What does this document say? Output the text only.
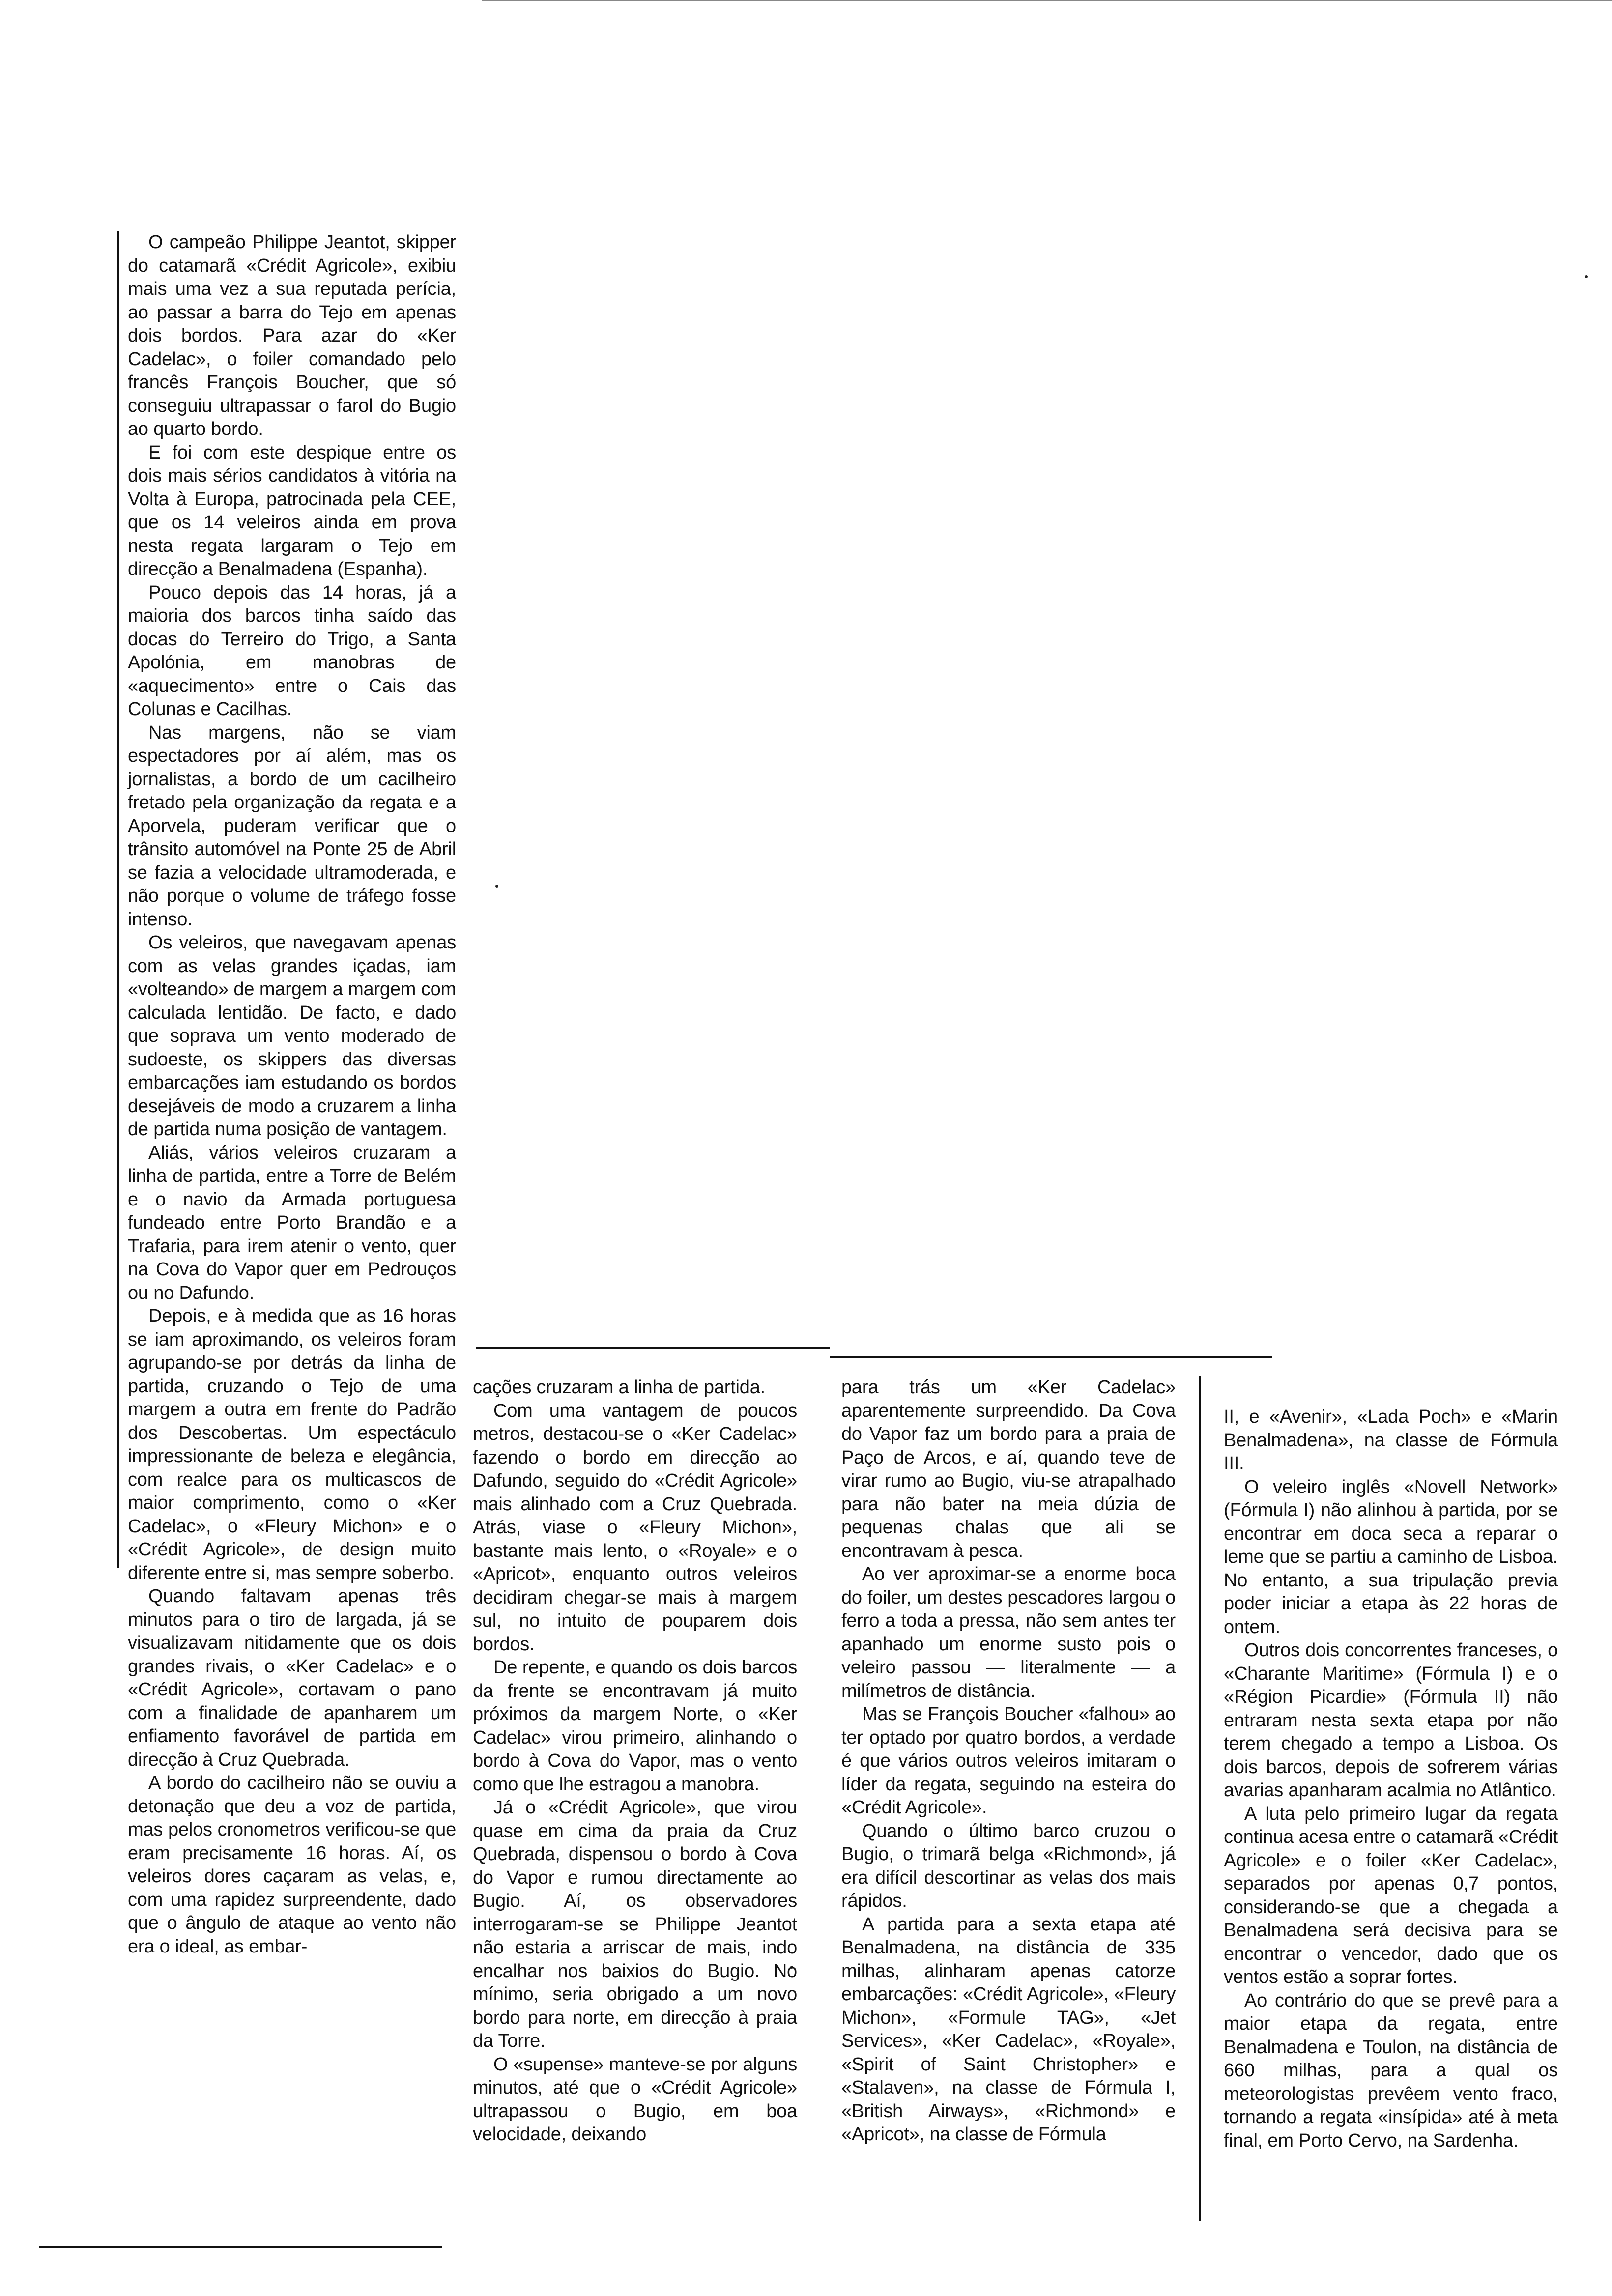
O campeão Philippe Jeantot, skipper do catamarã «Crédit Agricole», exibiu mais uma vez a sua reputada perícia, ao passar a barra do Tejo em apenas dois bordos. Para azar do «Ker Cadelac», o foiler comandado pelo francês François Boucher, que só conseguiu ultrapassar o farol do Bugio ao quarto bordo.

E foi com este despique entre os dois mais sérios candidatos à vitória na Volta à Europa, patrocinada pela CEE, que os 14 veleiros ainda em prova nesta regata largaram o Tejo em direcção a Benalmadena (Espanha).

Pouco depois das 14 horas, já a maioria dos barcos tinha saído das docas do Terreiro do Trigo, a Santa Apolónia, em manobras de «aquecimento» entre o Cais das Colunas e Cacilhas.

Nas margens, não se viam espectadores por aí além, mas os jornalistas, a bordo de um cacilheiro fretado pela organização da regata e a Aporvela, puderam verificar que o trânsito automóvel na Ponte 25 de Abril se fazia a velocidade ultramoderada, e não porque o volume de tráfego fosse intenso.

Os veleiros, que navegavam apenas com as velas grandes içadas, iam «volteando» de margem a margem com calculada lentidão. De facto, e dado que soprava um vento moderado de sudoeste, os skippers das diversas embarcações iam estudando os bordos desejáveis de modo a cruzarem a linha de partida numa posição de vantagem.

Aliás, vários veleiros cruzaram a linha de partida, entre a Torre de Belém e o navio da Armada portuguesa fundeado entre Porto Brandão e a Trafaria, para irem atenir o vento, quer na Cova do Vapor quer em Pedrouços ou no Dafundo.

Depois, e à medida que as 16 horas se iam aproximando, os veleiros foram agrupando-se por detrás da linha de partida, cruzando o Tejo de uma margem a outra em frente do Padrão dos Descobertas. Um espectáculo impressionante de beleza e elegância, com realce para os multicascos de maior comprimento, como o «Ker Cadelac», o «Fleury Michon» e o «Crédit Agricole», de design muito diferente entre si, mas sempre soberbo.

Quando faltavam apenas três minutos para o tiro de largada, já se visualizavam nitidamente que os dois grandes rivais, o «Ker Cadelac» e o «Crédit Agricole», cortavam o pano com a finalidade de apanharem um enfiamento favorável de partida em direcção à Cruz Quebrada.

A bordo do cacilheiro não se ouviu a detonação que deu a voz de partida, mas pelos cronometros verificou-se que eram precisamente 16 horas. Aí, os veleiros dores caçaram as velas, e, com uma rapidez surpreendente, dado que o ângulo de ataque ao vento não era o ideal, as embar-

cações cruzaram a linha de partida.

Com uma vantagem de poucos metros, destacou-se o «Ker Cadelac» fazendo o bordo em direcção ao Dafundo, seguido do «Crédit Agricole» mais alinhado com a Cruz Quebrada. Atrás, viase o «Fleury Michon», bastante mais lento, o «Royale» e o «Apricot», enquanto outros veleiros decidiram chegar-se mais à margem sul, no intuito de pouparem dois bordos.

De repente, e quando os dois barcos da frente se encontravam já muito próximos da margem Norte, o «Ker Cadelac» virou primeiro, alinhando o bordo à Cova do Vapor, mas o vento como que lhe estragou a manobra.

Já o «Crédit Agricole», que virou quase em cima da praia da Cruz Quebrada, dispensou o bordo à Cova do Vapor e rumou directamente ao Bugio. Aí, os observadores interrogaram-se se Philippe Jeantot não estaria a arriscar de mais, indo encalhar nos baixios do Bugio. No mínimo, seria obrigado a um novo bordo para norte, em direcção à praia da Torre.

O «supense» manteve-se por alguns minutos, até que o «Crédit Agricole» ultrapassou o Bugio, em boa velocidade, deixando

para trás um «Ker Cadelac» aparentemente surpreendido. Da Cova do Vapor faz um bordo para a praia de Paço de Arcos, e aí, quando teve de virar rumo ao Bugio, viu-se atrapalhado para não bater na meia dúzia de pequenas chalas que ali se encontravam à pesca.

Ao ver aproximar-se a enorme boca do foiler, um destes pescadores largou o ferro a toda a pressa, não sem antes ter apanhado um enorme susto pois o veleiro passou — literalmente — a milímetros de distância.

Mas se François Boucher «falhou» ao ter optado por quatro bordos, a verdade é que vários outros veleiros imitaram o líder da regata, seguindo na esteira do «Crédit Agricole».

Quando o último barco cruzou o Bugio, o trimarã belga «Richmond», já era difícil descortinar as velas dos mais rápidos.

A partida para a sexta etapa até Benalmadena, na distância de 335 milhas, alinharam apenas catorze embarcações: «Crédit Agricole», «Fleury Michon», «Formule TAG», «Jet Services», «Ker Cadelac», «Royale», «Spirit of Saint Christopher» e «Stalaven», na classe de Fórmula I, «British Airways», «Richmond» e «Apricot», na classe de Fórmula

II, e «Avenir», «Lada Poch» e «Marin Benalmadena», na classe de Fórmula III.

O veleiro inglês «Novell Network» (Fórmula I) não alinhou à partida, por se encontrar em doca seca a reparar o leme que se partiu a caminho de Lisboa. No entanto, a sua tripulação previa poder iniciar a etapa às 22 horas de ontem.

Outros dois concorrentes franceses, o «Charante Maritime» (Fórmula I) e o «Région Picardie» (Fórmula II) não entraram nesta sexta etapa por não terem chegado a tempo a Lisboa. Os dois barcos, depois de sofrerem várias avarias apanharam acalmia no Atlântico.

A luta pelo primeiro lugar da regata continua acesa entre o catamarã «Crédit Agricole» e o foiler «Ker Cadelac», separados por apenas 0,7 pontos, considerando-se que a chegada a Benalmadena será decisiva para se encontrar o vencedor, dado que os ventos estão a soprar fortes.

Ao contrário do que se prevê para a maior etapa da regata, entre Benalmadena e Toulon, na distância de 660 milhas, para a qual os meteorologistas prevêem vento fraco, tornando a regata «insípida» até à meta final, em Porto Cervo, na Sardenha.
